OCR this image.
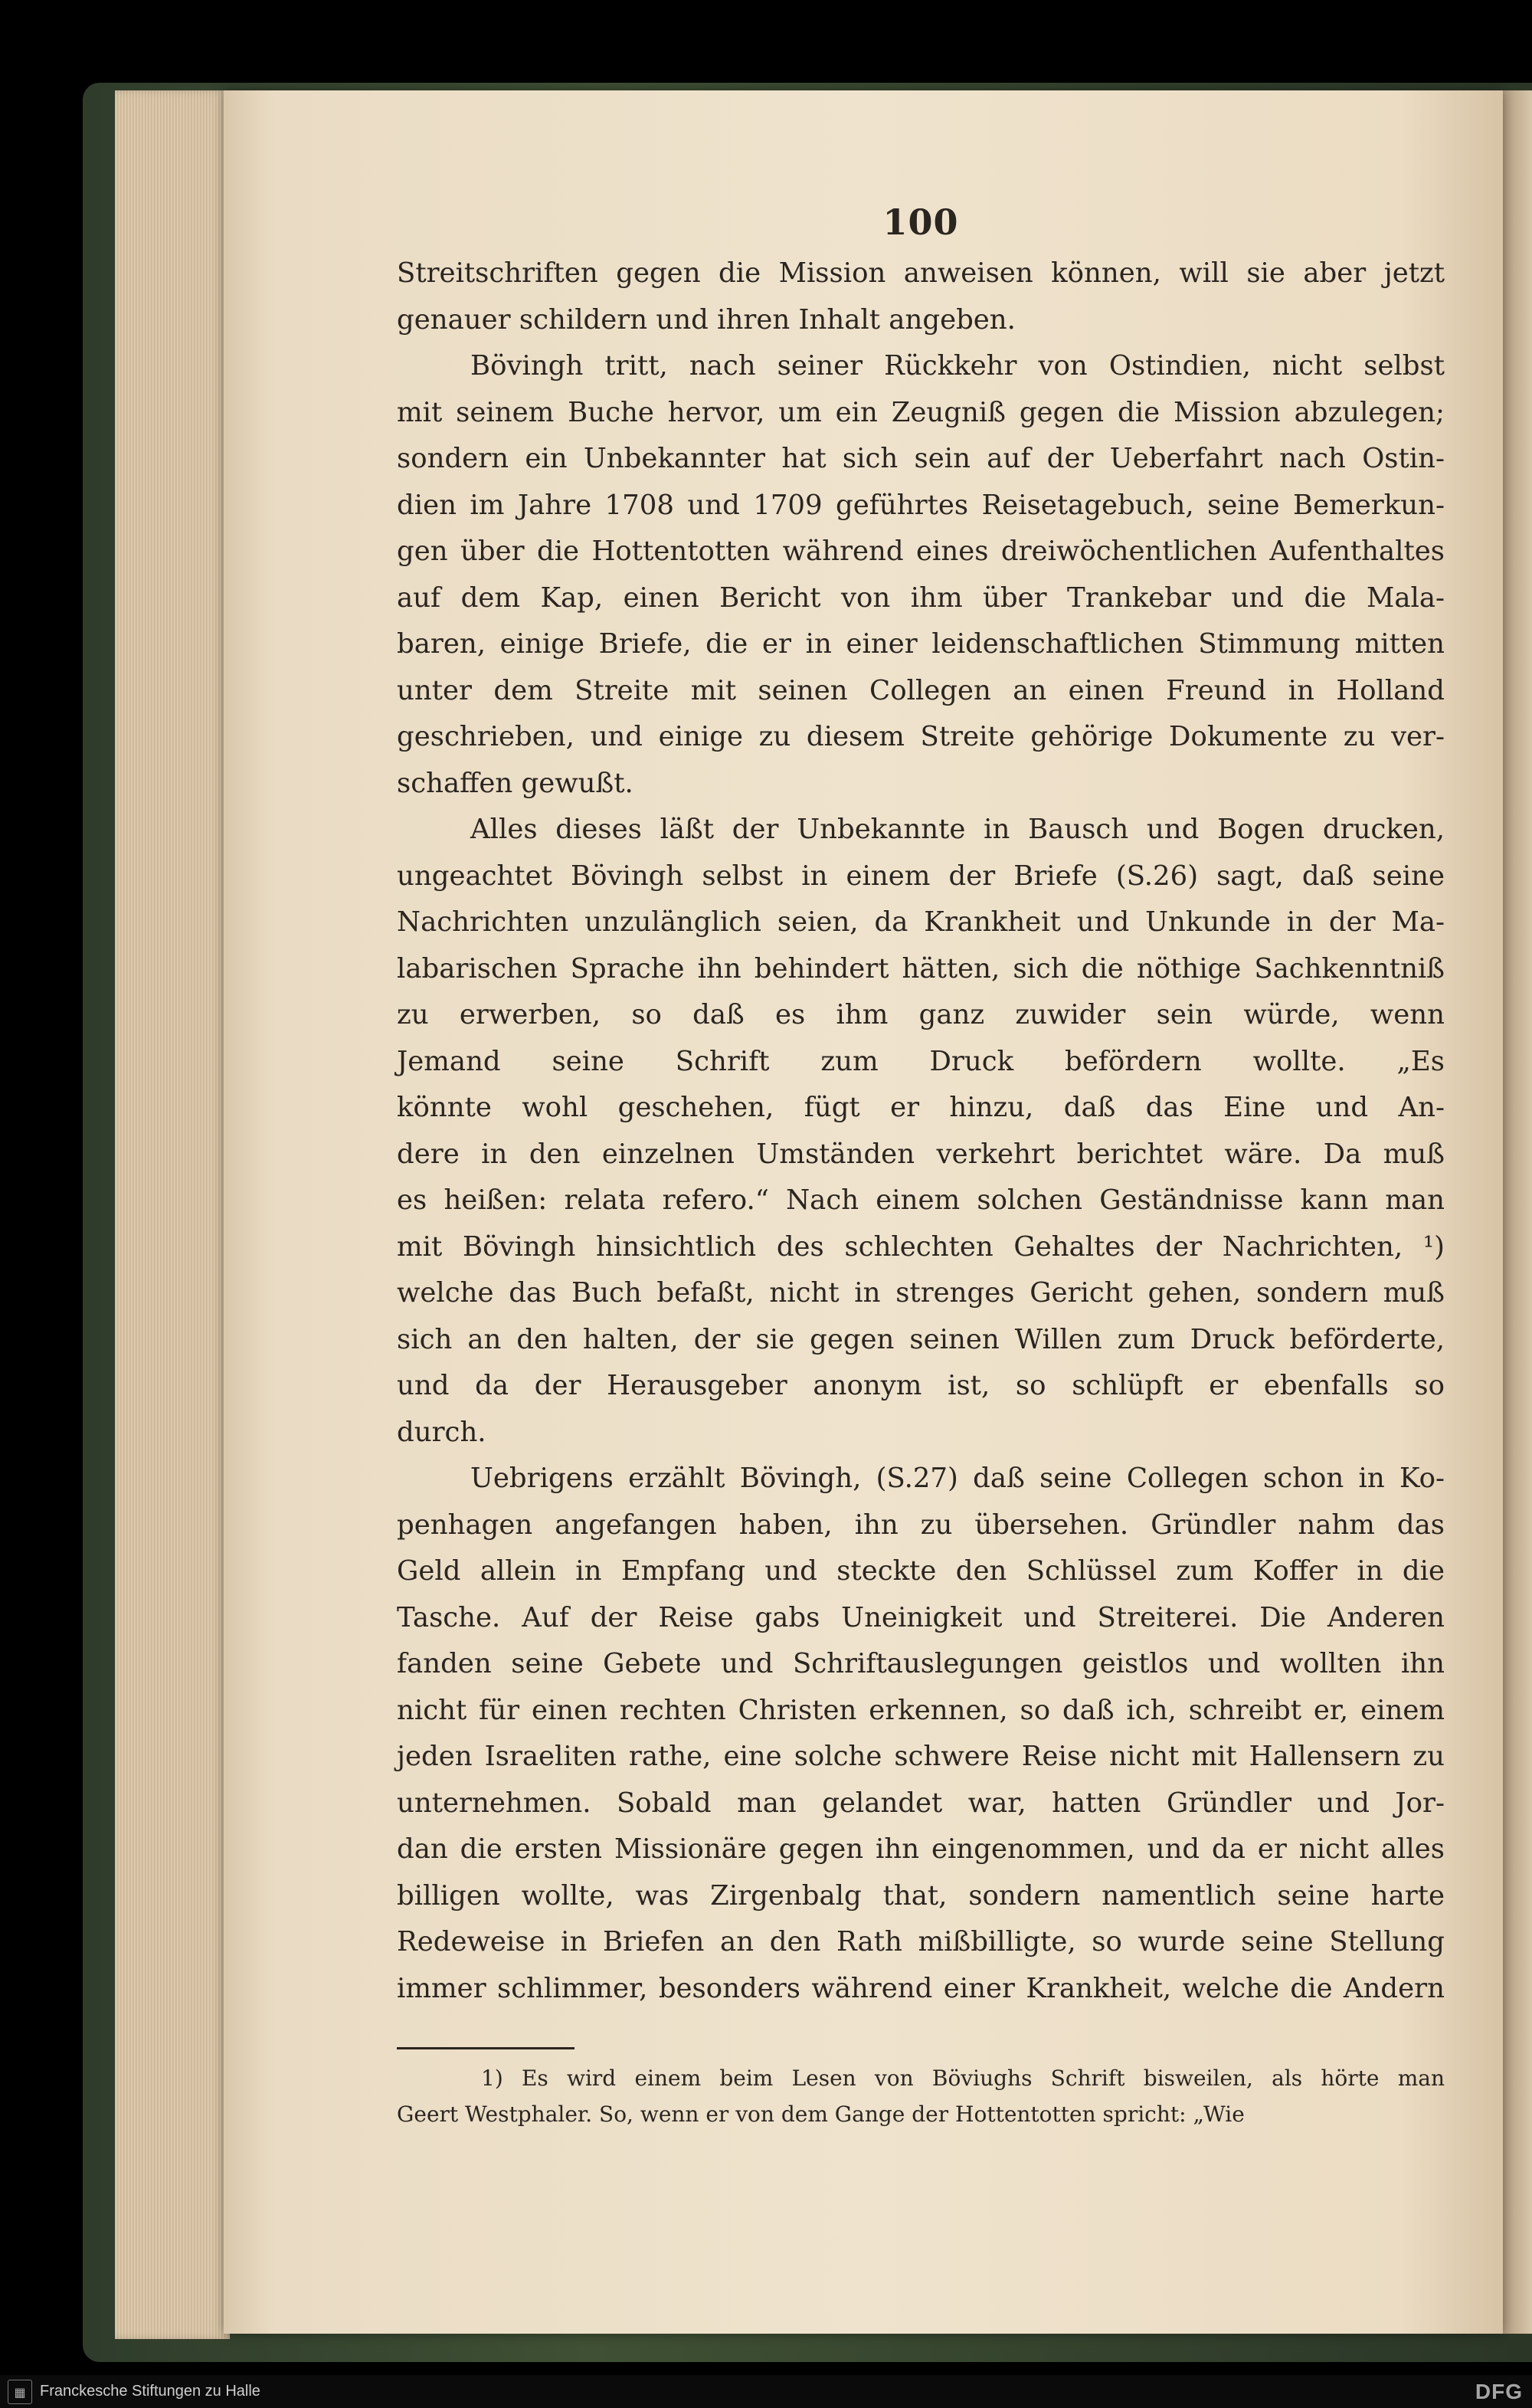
100
Streitschriften gegen die Mission anweisen können, will sie aber jetzt
genauer schildern und ihren Inhalt angeben.
Bövingh tritt, nach seiner Rückkehr von Ostindien, nicht selbst
mit seinem Buche hervor, um ein Zeugniß gegen die Mission abzulegen;
sondern ein Unbekannter hat sich sein auf der Ueberfahrt nach Ostin-
dien im Jahre 1708 und 1709 geführtes Reisetagebuch, seine Bemerkun-
gen über die Hottentotten während eines dreiwöchentlichen Aufenthaltes
auf dem Kap, einen Bericht von ihm über Trankebar und die Mala-
baren, einige Briefe, die er in einer leidenschaftlichen Stimmung mitten
unter dem Streite mit seinen Collegen an einen Freund in Holland
geschrieben, und einige zu diesem Streite gehörige Dokumente zu ver-
schaffen gewußt.
Alles dieses läßt der Unbekannte in Bausch und Bogen drucken,
ungeachtet Bövingh selbst in einem der Briefe (S.26) sagt, daß seine
Nachrichten unzulänglich seien, da Krankheit und Unkunde in der Ma-
labarischen Sprache ihn behindert hätten, sich die nöthige Sachkenntniß
zu erwerben, so daß es ihm ganz zuwider sein würde, wenn
Jemand seine Schrift zum Druck befördern wollte. „Es
könnte wohl geschehen, fügt er hinzu, daß das Eine und An-
dere in den einzelnen Umständen verkehrt berichtet wäre. Da muß
es heißen: relata refero.“ Nach einem solchen Geständnisse kann man
mit Bövingh hinsichtlich des schlechten Gehaltes der Nachrichten, ¹)
welche das Buch befaßt, nicht in strenges Gericht gehen, sondern muß
sich an den halten, der sie gegen seinen Willen zum Druck beförderte,
und da der Herausgeber anonym ist, so schlüpft er ebenfalls so
durch.
Uebrigens erzählt Bövingh, (S.27) daß seine Collegen schon in Ko-
penhagen angefangen haben, ihn zu übersehen. Gründler nahm das
Geld allein in Empfang und steckte den Schlüssel zum Koffer in die
Tasche. Auf der Reise gabs Uneinigkeit und Streiterei. Die Anderen
fanden seine Gebete und Schriftauslegungen geistlos und wollten ihn
nicht für einen rechten Christen erkennen, so daß ich, schreibt er, einem
jeden Israeliten rathe, eine solche schwere Reise nicht mit Hallensern zu
unternehmen. Sobald man gelandet war, hatten Gründler und Jor-
dan die ersten Missionäre gegen ihn eingenommen, und da er nicht alles
billigen wollte, was Zirgenbalg that, sondern namentlich seine harte
Redeweise in Briefen an den Rath mißbilligte, so wurde seine Stellung
immer schlimmer, besonders während einer Krankheit, welche die Andern
1) Es wird einem beim Lesen von Böviughs Schrift bisweilen, als hörte man
Geert Westphaler. So, wenn er von dem Gange der Hottentotten spricht: „Wie
▦ Franckesche Stiftungen zu Halle	DFG
